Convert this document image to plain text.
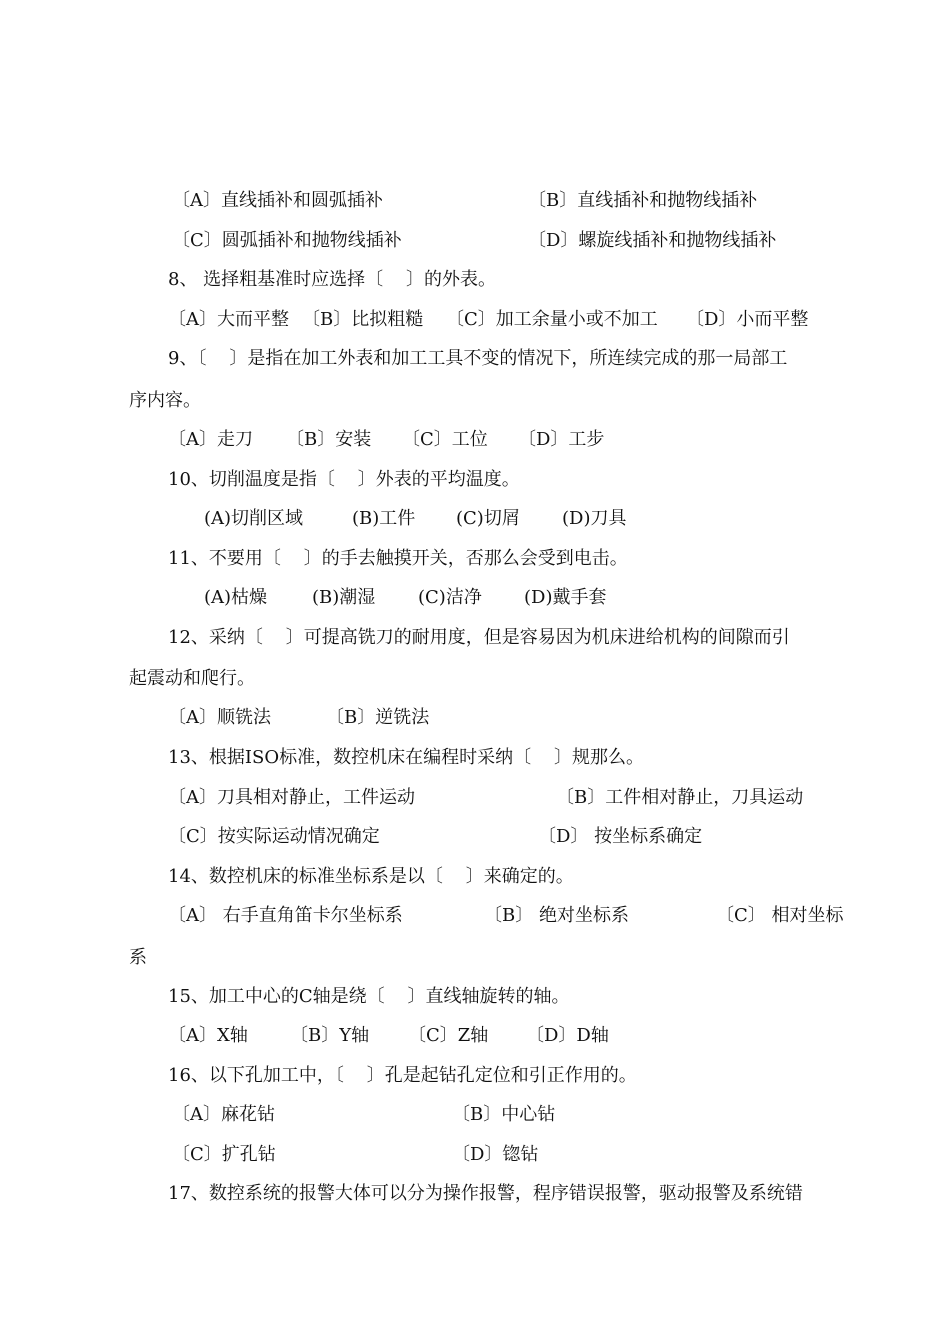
〔A〕直线插补和圆弧插补	〔B〕直线插补和抛物线插补
〔C〕圆弧插补和抛物线插补	〔D〕螺旋线插补和抛物线插补
8、 选择粗基准时应选择〔    〕的外表。
〔A〕大而平整 〔B〕比拟粗糙 〔C〕加工余量小或不加工 〔D〕小而平整
9、〔    〕是指在加工外表和加工工具不变的情况下，所连续完成的那一局部工
序内容。
〔A〕走刀 〔B〕安装 〔C〕工位 〔D〕工步
10、切削温度是指〔    〕外表的平均温度。
(A)切削区域	(B)工件 (C)切屑 (D)刀具
11、不要用〔    〕的手去触摸开关，否那么会受到电击。
(A)枯燥 (B)潮湿 (C)洁净 (D)戴手套
12、采纳〔    〕可提高铣刀的耐用度，但是容易因为机床进给机构的间隙而引
起震动和爬行。
〔A〕顺铣法	〔B〕逆铣法
13、根据ISO标准，数控机床在编程时采纳〔    〕规那么。
〔A〕刀具相对静止，工件运动	〔B〕工件相对静止，刀具运动
〔C〕按实际运动情况确定	〔D〕 按坐标系确定
14、数控机床的标准坐标系是以〔    〕来确定的。
〔A〕 右手直角笛卡尔坐标系	〔B〕 绝对坐标系	〔C〕 相对坐标
系
15、加工中心的C轴是绕〔    〕直线轴旋转的轴。
〔A〕X轴 〔B〕Y轴 〔C〕Z轴 〔D〕D轴
16、以下孔加工中，〔    〕孔是起钻孔定位和引正作用的。
〔A〕麻花钻	〔B〕中心钻
〔C〕扩孔钻	〔D〕锪钻
17、数控系统的报警大体可以分为操作报警，程序错误报警，驱动报警及系统错
